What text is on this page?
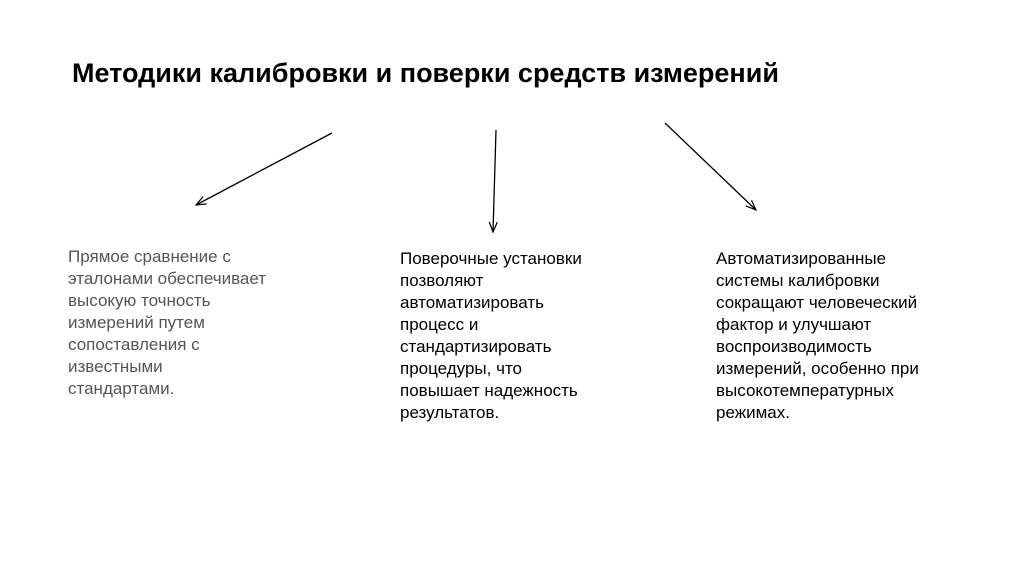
Методики калибровки и поверки средств измерений
Прямое сравнение с эталонами обеспечивает высокую точность измерений путем сопоставления с известными стандартами.
Поверочные установки позволяют автоматизировать процесс и стандартизировать процедуры, что повышает надежность результатов.
Автоматизированные системы калибровки сокращают человеческий фактор и улучшают воспроизводимость измерений, особенно при высокотемпературных режимах.
